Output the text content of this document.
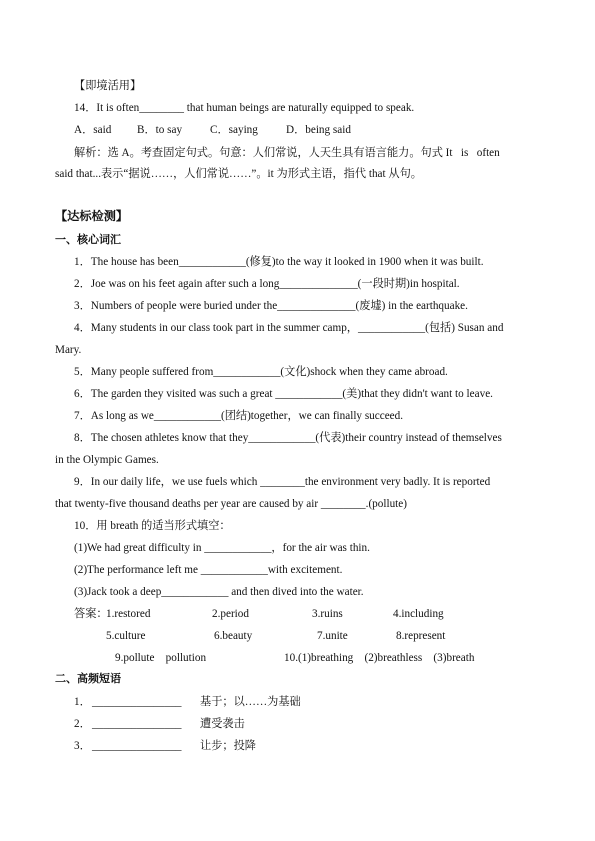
【即境活用】
14．It is often________ that human beings are naturally equipped to speak.
A．said B．to say C．saying	D．being said
解析：选 A。考查固定句式。句意：人们常说，人天生具有语言能力。句式 It   is   often
said that...表示“据说……，人们常说……”。it 为形式主语，指代 that 从句。
【达标检测】
一、核心词汇
1．The house has been____________(修复)to the way it looked in 1900 when it was built.
2．Joe was on his feet again after such a long______________(一段时期)in hospital.
3．Numbers of people were buried under the______________(废墟) in the earthquake.
4．Many students in our class took part in the summer camp，____________(包括) Susan and
Mary.
5．Many people suffered from____________(文化)shock when they came abroad.
6．The garden they visited was such a great ____________(美)that they didn't want to leave.
7．As long as we____________(团结)together，we can finally succeed.
8．The chosen athletes know that they____________(代表)their country instead of themselves
in the Olympic Games.
9．In our daily life，we use fuels which ________the environment very badly. It is reported
that twenty-five thousand deaths per year are caused by air ________.(pollute)
10．用 breath 的适当形式填空：
(1)We had great difficulty in ____________，for the air was thin.
(2)The performance left me ____________with excitement.
(3)Jack took a deep____________ and then dived into the water.
答案：
1.restored	2.period	3.ruins	4.including
5.culture	6.beauty	7.unite	8.represent
9.pollute    pollution	10.(1)breathing    (2)breathless    (3)breath
二、高频短语
1． ________________ 基于；以……为基础
2． ________________ 遭受袭击
3． ________________ 让步；投降
